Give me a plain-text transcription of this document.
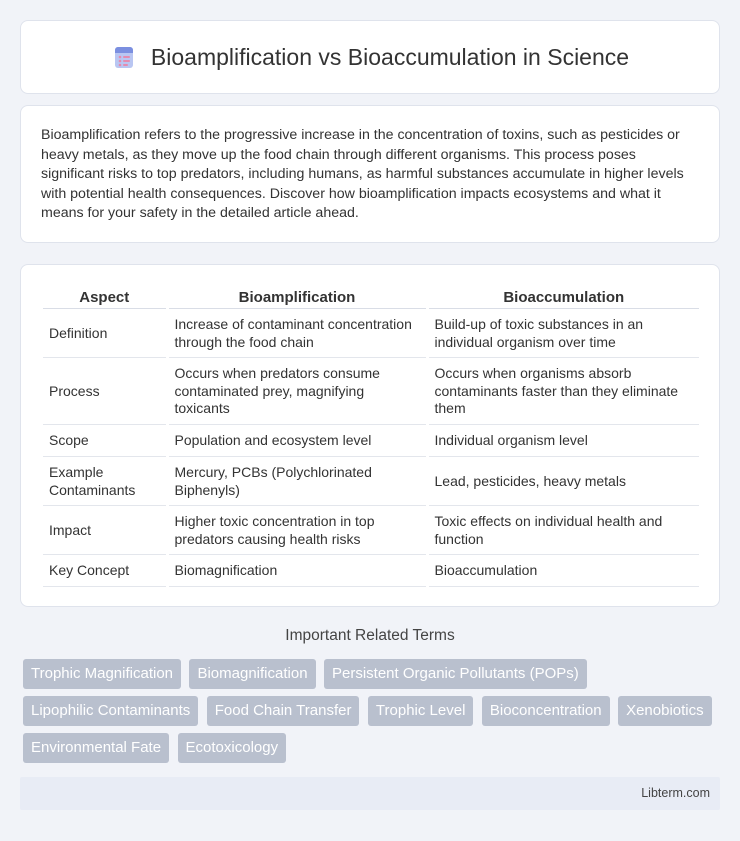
Bioamplification vs Bioaccumulation in Science

Bioamplification refers to the progressive increase in the concentration of toxins, such as pesticides or heavy metals, as they move up the food chain through different organisms. This process poses significant risks to top predators, including humans, as harmful substances accumulate in higher levels with potential health consequences. Discover how bioamplification impacts ecosystems and what it means for your safety in the detailed article ahead.

Aspect	Bioamplification	Bioaccumulation
Definition	Increase of contaminant concentration through the food chain	Build-up of toxic substances in an individual organism over time
Process	Occurs when predators consume contaminated prey, magnifying toxicants	Occurs when organisms absorb contaminants faster than they eliminate them
Scope	Population and ecosystem level	Individual organism level
Example Contaminants	Mercury, PCBs (Polychlorinated Biphenyls)	Lead, pesticides, heavy metals
Impact	Higher toxic concentration in top predators causing health risks	Toxic effects on individual health and function
Key Concept	Biomagnification	Bioaccumulation
Important Related Terms
Trophic Magnification Biomagnification Persistent Organic Pollutants (POPs) Lipophilic Contaminants Food Chain Transfer Trophic Level Bioconcentration Xenobiotics Environmental Fate Ecotoxicology
Libterm.com
